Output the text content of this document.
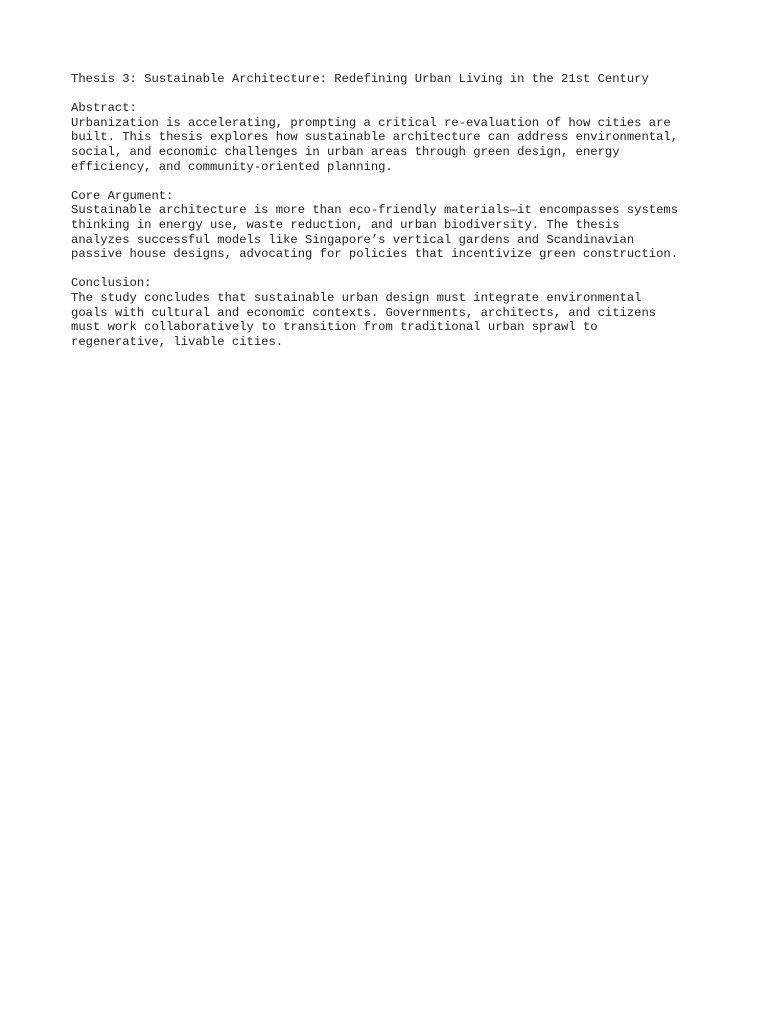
Thesis 3: Sustainable Architecture: Redefining Urban Living in the 21st Century
Abstract:
Urbanization is accelerating, prompting a critical re-evaluation of how cities are
built. This thesis explores how sustainable architecture can address environmental,
social, and economic challenges in urban areas through green design, energy
efficiency, and community-oriented planning.
Core Argument:
Sustainable architecture is more than eco-friendly materials—it encompasses systems
thinking in energy use, waste reduction, and urban biodiversity. The thesis
analyzes successful models like Singapore’s vertical gardens and Scandinavian
passive house designs, advocating for policies that incentivize green construction.
Conclusion:
The study concludes that sustainable urban design must integrate environmental
goals with cultural and economic contexts. Governments, architects, and citizens
must work collaboratively to transition from traditional urban sprawl to
regenerative, livable cities.
